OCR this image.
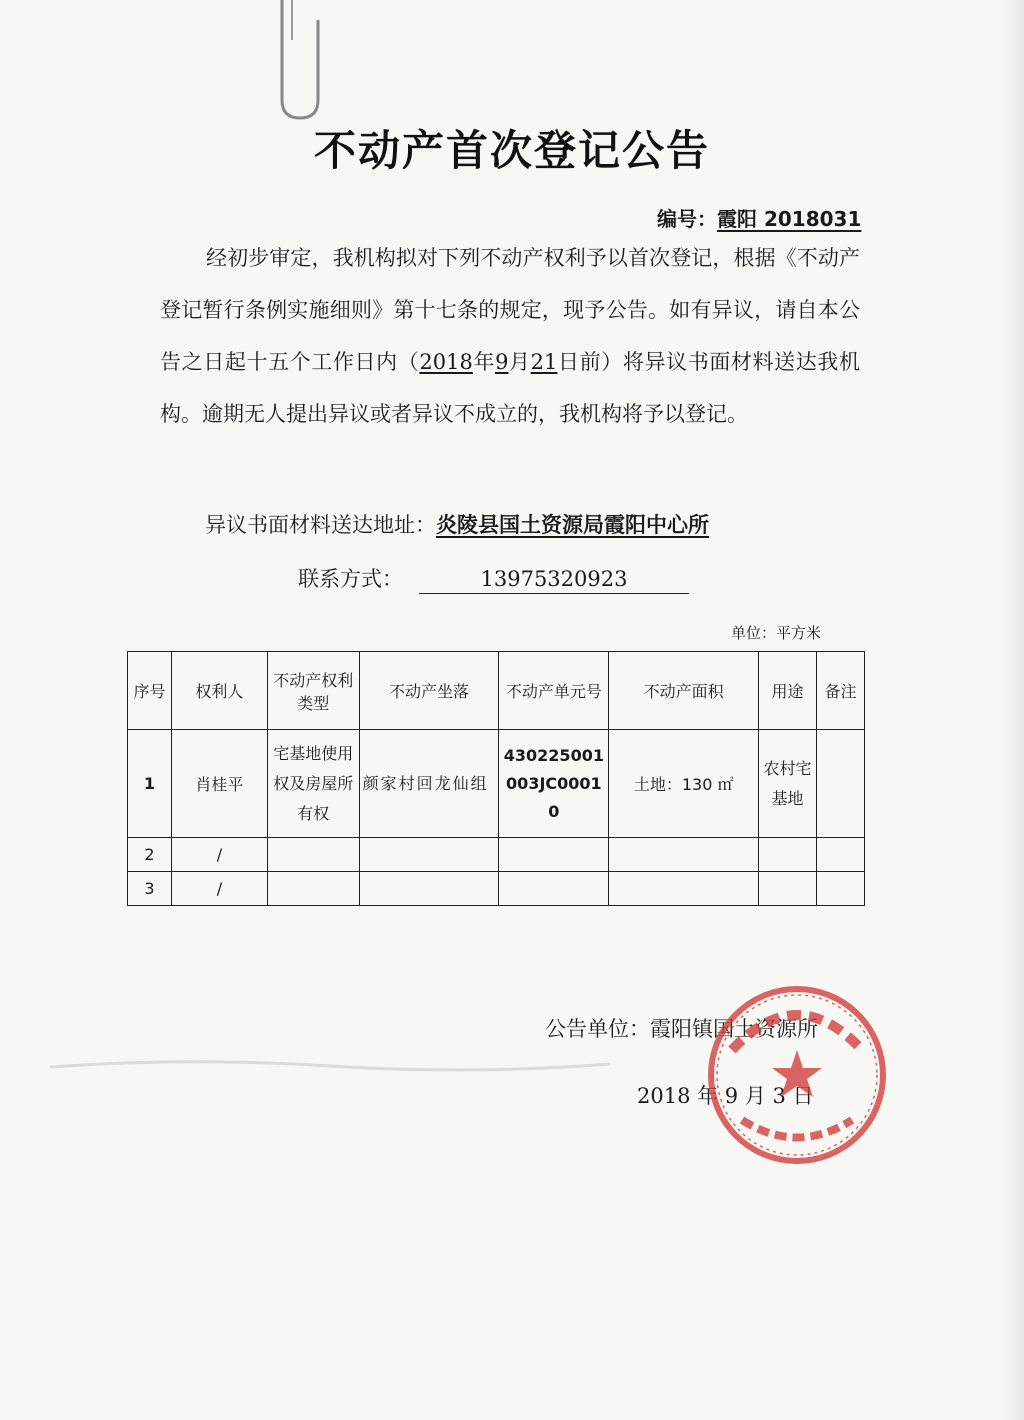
不动产首次登记公告
编号：霞阳 2018031
经初步审定，我机构拟对下列不动产权利予以首次登记，根据《不动产登记暂行条例实施细则》第十七条的规定，现予公告。如有异议，请自本公告之日起十五个工作日内（2018年9月21日前）将异议书面材料送达我机构。逾期无人提出异议或者异议不成立的，我机构将予以登记。
异议书面材料送达地址：炎陵县国土资源局霞阳中心所
联系方式：	13975320923
单位：平方米
序号	权利人	不动产权利类型	不动产坐落	不动产单元号	不动产面积	用途	备注
1	肖桂平	宅基地使用权及房屋所有权	颜家村回龙仙组	430225001003JC00010	土地：130 ㎡	农村宅基地	
2	/						
3	/						
公告单位：霞阳镇国土资源所
2018 年 9 月 3 日
